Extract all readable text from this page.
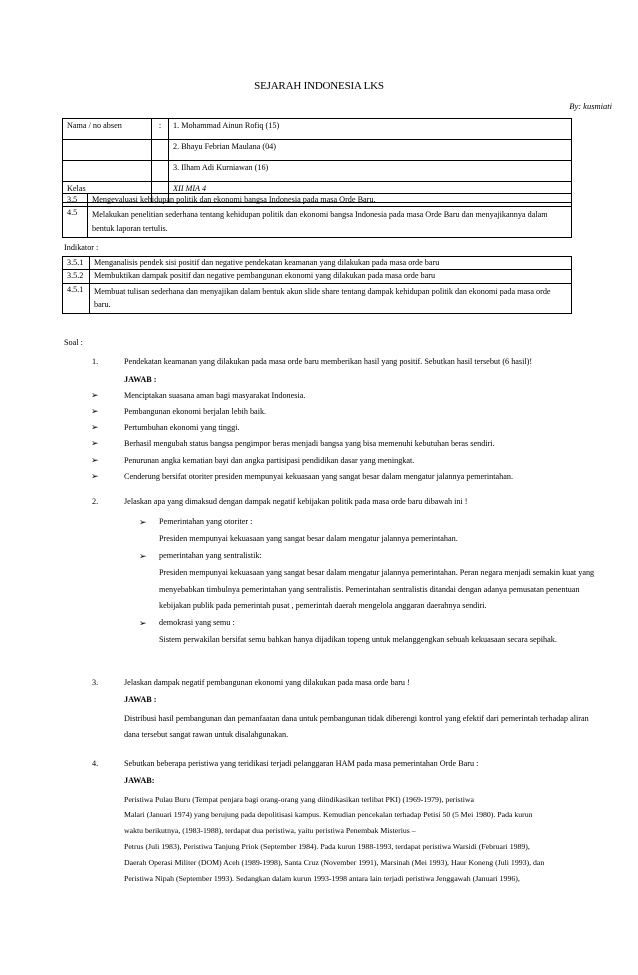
SEJARAH INDONESIA LKS
By: kusmiati
Nama / no absen	:	1. Mohammad Ainun Rofiq (15)
		2. Bhayu Febrian Maulana (04)
		3. Ilham Adi Kurniawan (16)
Kelas		XII MIA 4
3.5	Mengevaluasi kehidupan politik dan ekonomi bangsa Indonesia pada masa Orde Baru.
4.5	Melakukan penelitian sederhana tentang kehidupan politik dan ekonomi bangsa Indonesia pada masa Orde Baru dan menyajikannya dalam bentuk laporan tertulis.
Indikator :
3.5.1	Menganalisis pendek sisi positif dan negative pendekatan keamanan yang dilakukan pada masa orde baru
3.5.2	Membuktikan dampak positif dan negative pembangunan ekonomi yang dilakukan pada masa orde baru
4.5.1	Membuat tulisan sederhana dan menyajikan dalam bentuk akun slide share tentang dampak kehidupan politik dan ekonomi pada masa orde baru.
Soal :
1.	Pendekatan keamanan yang dilakukan pada masa orde baru memberikan hasil yang positif. Sebutkan hasil tersebut (6 hasil)!
JAWAB :
➢	Menciptakan suasana aman bagi masyarakat Indonesia.
➢	Pembangunan ekonomi berjalan lebih baik.
➢	Pertumbuhan ekonomi yang tinggi.
➢	Berhasil mengubah status bangsa pengimpor beras menjadi bangsa yang bisa memenuhi kebutuhan beras sendiri.
➢	Penurunan angka kematian bayi dan angka partisipasi pendidikan dasar yang meningkat.
➢	Cenderung bersifat otoriter presiden mempunyai kekuasaan yang sangat besar dalam mengatur jalannya pemerintahan.
2.	Jelaskan apa yang dimaksud dengan dampak negatif kebijakan politik pada masa orde baru dibawah ini !
➢ Pemerintahan yang otoriter :
Presiden mempunyai kekuasaan yang sangat besar dalam mengatur jalannya pemerintahan.
➢ pemerintahan yang sentralistik:
Presiden mempunyai kekuasaan yang sangat besar dalam mengatur jalannya pemerintahan. Peran negara menjadi semakin kuat yang menyebabkan timbulnya pemerintahan yang sentralistis. Pemerintahan sentralistis ditandai dengan adanya pemusatan penentuan kebijakan publik pada pemerintah pusat , pemerintah daerah mengelola anggaran daerahnya sendiri.
➢ demokrasi yang semu :
Sistem perwakilan bersifat semu bahkan hanya dijadikan topeng untuk melanggengkan sebuah kekuasaan secara sepihak.
3.	Jelaskan dampak negatif pembangunan ekonomi yang dilakukan pada masa orde baru !
JAWAB :
Distribusi hasil pembangunan dan pemanfaatan dana untuk pembangunan tidak diberengi kontrol yang efektif dari pemerintah terhadap aliran dana tersebut sangat rawan untuk disalahgunakan.
4.	Sebutkan beberapa peristiwa yang teridikasi terjadi pelanggaran HAM pada masa pemerintahan Orde Baru :
JAWAB:
Peristiwa Pulau Buru (Tempat penjara bagi orang-orang yang diindikasikan terlibat PKI) (1969-1979), peristiwa
Malari (Januari 1974) yang berujung pada depolitisasi kampus. Kemudian pencekalan terhadap Petisi 50 (5 Mei 1980). Pada kurun
waktu berikutnya, (1983-1988), terdapat dua peristiwa, yaitu peristiwa Penembak Misterius –
Petrus (Juli 1983), Peristiwa Tanjung Priok (September 1984). Pada kurun 1988-1993, terdapat peristiwa Warsidi (Februari 1989),
Daerah Operasi Militer (DOM) Aceh (1989-1998), Santa Cruz (November 1991), Marsinah (Mei 1993), Haur Koneng (Juli 1993), dan
Peristiwa Nipah (September 1993). Sedangkan dalam kurun 1993-1998 antara lain terjadi peristiwa Jenggawah (Januari 1996),
